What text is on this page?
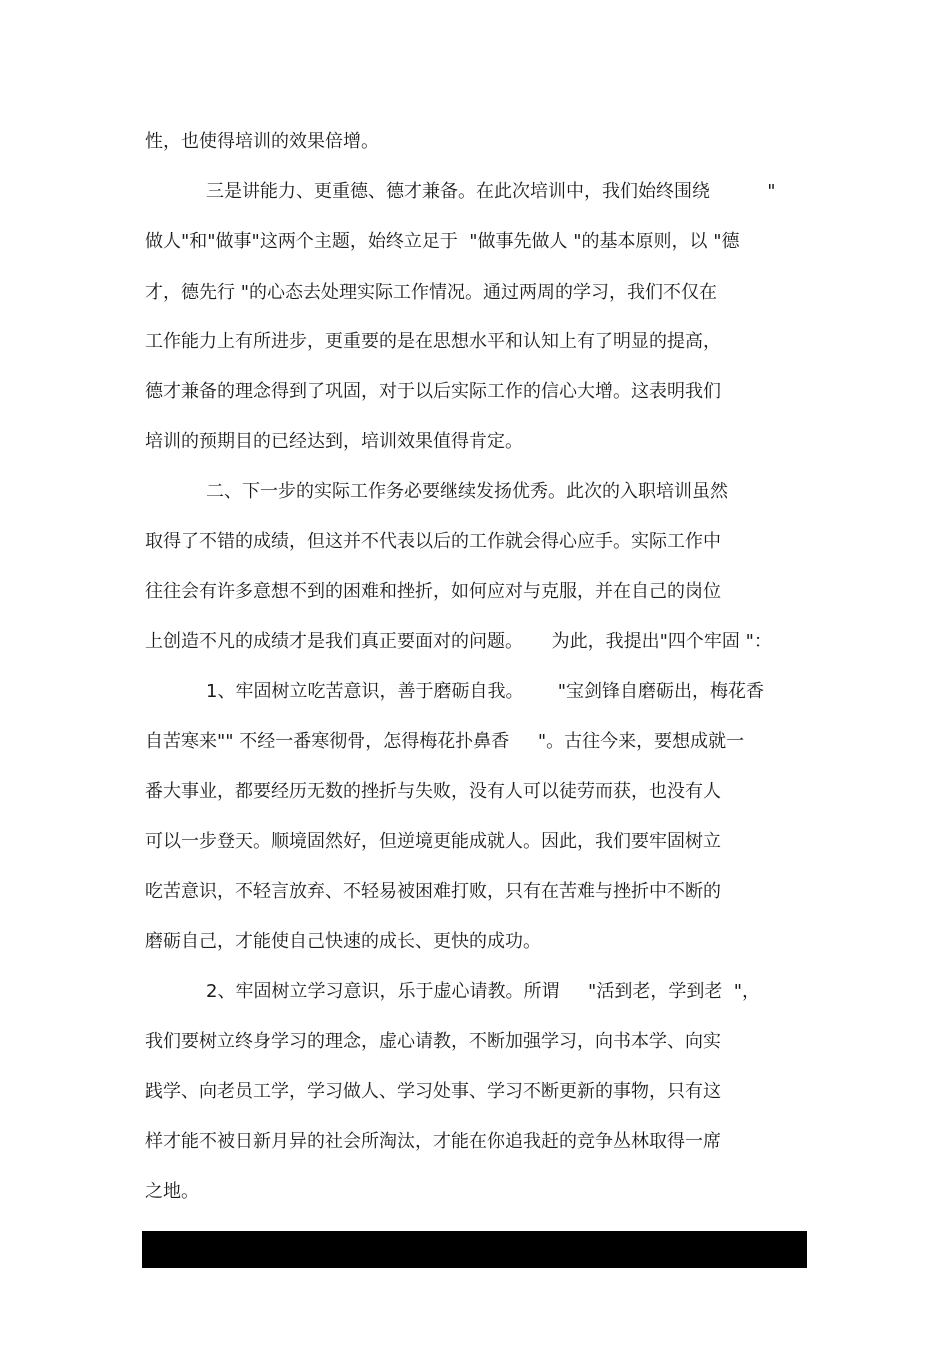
性，也使得培训的效果倍增。
三是讲能力、更重德、德才兼备。在此次培训中，我们始终围绕          "
做人"和"做事"这两个主题，始终立足于  "做事先做人 "的基本原则，以 "德
才，德先行 "的心态去处理实际工作情况。通过两周的学习，我们不仅在
工作能力上有所进步，更重要的是在思想水平和认知上有了明显的提高，
德才兼备的理念得到了巩固，对于以后实际工作的信心大增。这表明我们
培训的预期目的已经达到，培训效果值得肯定。
二、下一步的实际工作务必要继续发扬优秀。此次的入职培训虽然
取得了不错的成绩，但这并不代表以后的工作就会得心应手。实际工作中
往往会有许多意想不到的困难和挫折，如何应对与克服，并在自己的岗位
上创造不凡的成绩才是我们真正要面对的问题。     为此，我提出"四个牢固 "：
1、牢固树立吃苦意识，善于磨砺自我。      "宝剑锋自磨砺出，梅花香
自苦寒来"" 不经一番寒彻骨，怎得梅花扑鼻香     "。古往今来，要想成就一
番大事业，都要经历无数的挫折与失败，没有人可以徒劳而获，也没有人
可以一步登天。顺境固然好，但逆境更能成就人。因此，我们要牢固树立
吃苦意识，不轻言放弃、不轻易被困难打败，只有在苦难与挫折中不断的
磨砺自己，才能使自己快速的成长、更快的成功。
2、牢固树立学习意识，乐于虚心请教。所谓     "活到老，学到老  "，
我们要树立终身学习的理念，虚心请教，不断加强学习，向书本学、向实
践学、向老员工学，学习做人、学习处事、学习不断更新的事物，只有这
样才能不被日新月异的社会所淘汰，才能在你追我赶的竞争丛林取得一席
之地。
